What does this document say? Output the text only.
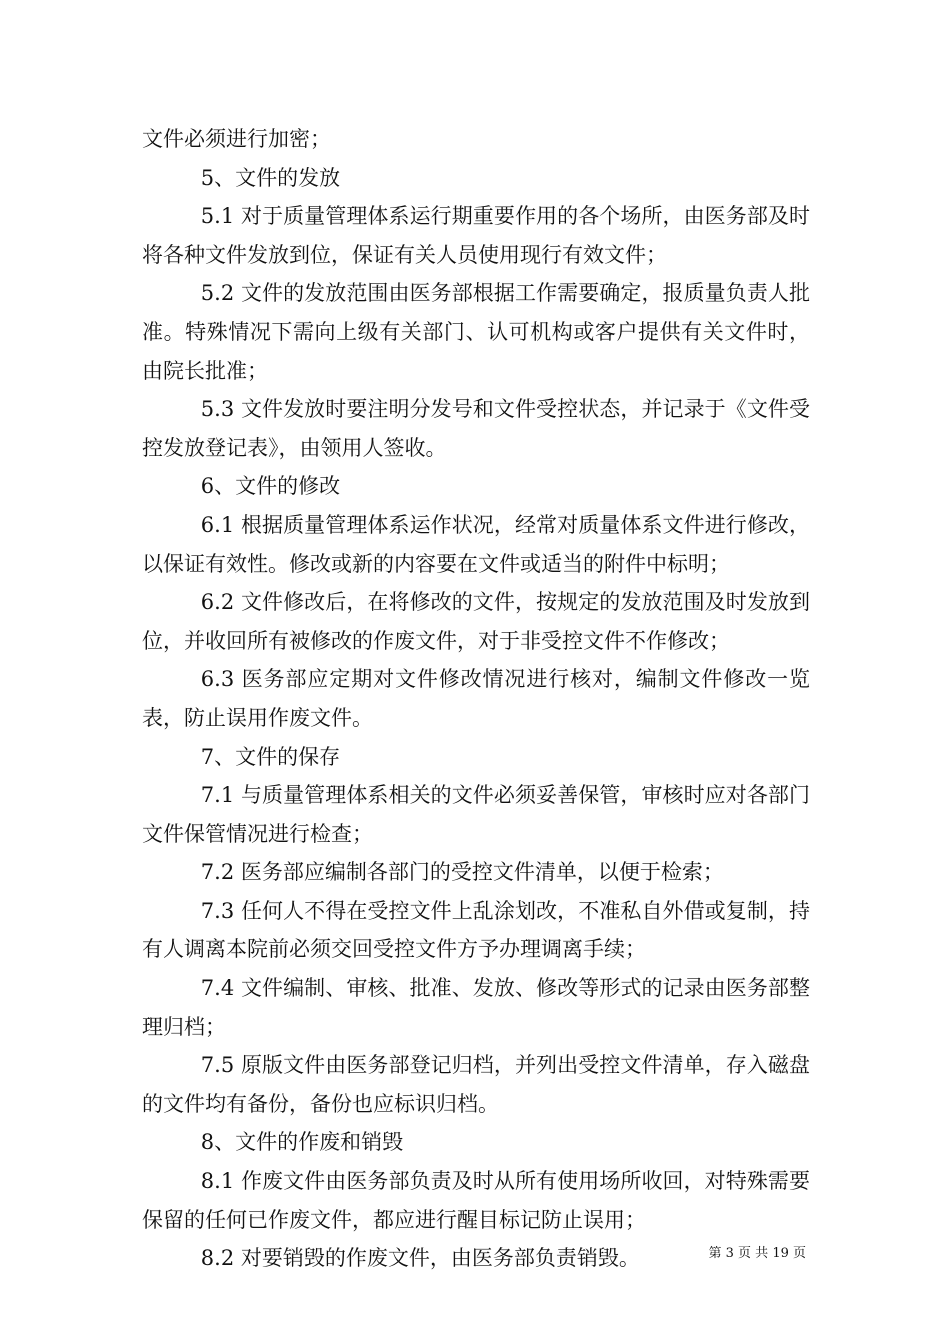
文件必须进行加密；

5、文件的发放

5.1 对于质量管理体系运行期重要作用的各个场所，由医务部及时将各种文件发放到位，保证有关人员使用现行有效文件；

5.2 文件的发放范围由医务部根据工作需要确定，报质量负责人批准。特殊情况下需向上级有关部门、认可机构或客户提供有关文件时，由院长批准；

5.3 文件发放时要注明分发号和文件受控状态，并记录于《文件受控发放登记表》，由领用人签收。

6、文件的修改

6.1 根据质量管理体系运作状况，经常对质量体系文件进行修改，以保证有效性。修改或新的内容要在文件或适当的附件中标明；

6.2 文件修改后，在将修改的文件，按规定的发放范围及时发放到位，并收回所有被修改的作废文件，对于非受控文件不作修改；

6.3 医务部应定期对文件修改情况进行核对，编制文件修改一览表，防止误用作废文件。

7、文件的保存

7.1 与质量管理体系相关的文件必须妥善保管，审核时应对各部门文件保管情况进行检查；

7.2 医务部应编制各部门的受控文件清单，以便于检索；

7.3 任何人不得在受控文件上乱涂划改，不准私自外借或复制，持有人调离本院前必须交回受控文件方予办理调离手续；

7.4 文件编制、审核、批准、发放、修改等形式的记录由医务部整理归档；

7.5 原版文件由医务部登记归档，并列出受控文件清单，存入磁盘的文件均有备份，备份也应标识归档。

8、文件的作废和销毁

8.1 作废文件由医务部负责及时从所有使用场所收回，对特殊需要保留的任何已作废文件，都应进行醒目标记防止误用；

8.2 对要销毁的作废文件，由医务部负责销毁。	第 3 页 共 19 页
